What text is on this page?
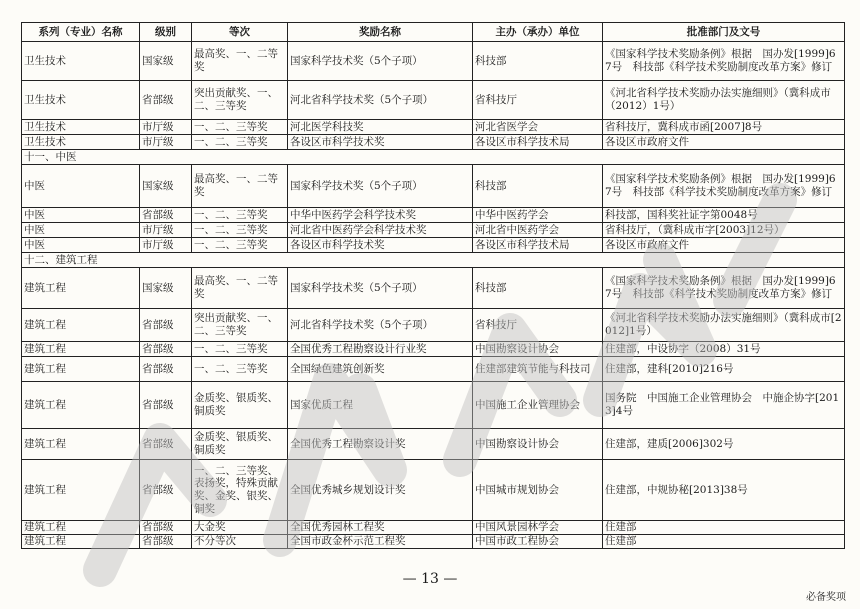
系列（专业）名称	级别	等次	奖励名称	主办（承办）单位	批准部门及文号
卫生技术	国家级	最高奖、一、二等奖	国家科学技术奖（5个子项）	科技部	《国家科学技术奖励条例》根据　国办发[1999]67号　科技部《科学技术奖励制度改革方案》修订
卫生技术	省部级	突出贡献奖、一、二、三等奖	河北省科学技术奖（5个子项）	省科技厅	《河北省科学技术奖励办法实施细则》（冀科成市（2012）1号）
卫生技术	市厅级	一、二、三等奖	河北医学科技奖	河北省医学会	省科技厅，冀科成市函[2007]8号
卫生技术	市厅级	一、二、三等奖	各设区市科学技术奖	各设区市科学技术局	各设区市政府文件
十一、中医					
中医	国家级	最高奖、一、二等奖	国家科学技术奖（5个子项）	科技部	《国家科学技术奖励条例》根据　国办发[1999]67号　科技部《科学技术奖励制度改革方案》修订
中医	省部级	一、二、三等奖	中华中医药学会科学技术奖	中华中医药学会	科技部，国科奖社证字第0048号
中医	市厅级	一、二、三等奖	河北省中医药学会科学技术奖	河北省中医药学会	省科技厅，（冀科成市字[2003]12号）
中医	市厅级	一、二、三等奖	各设区市科学技术奖	各设区市科学技术局	各设区市政府文件
十二、建筑工程					
建筑工程	国家级	最高奖、一、二等奖	国家科学技术奖（5个子项）	科技部	《国家科学技术奖励条例》根据　国办发[1999]67号　科技部《科学技术奖励制度改革方案》修订
建筑工程	省部级	突出贡献奖、一、二、三等奖	河北省科学技术奖（5个子项）	省科技厅	《河北省科学技术奖励办法实施细则》（冀科成市[2012]1号）
建筑工程	省部级	一、二、三等奖	全国优秀工程勘察设计行业奖	中国勘察设计协会	住建部，中设协字（2008）31号
建筑工程	省部级	一、二、三等奖	全国绿色建筑创新奖	住建部建筑节能与科技司	住建部，建科[2010]216号
建筑工程	省部级	金质奖、银质奖、铜质奖	国家优质工程	中国施工企业管理协会	国务院　中国施工企业管理协会　中施企协字[2013]4号
建筑工程	省部级	金质奖、银质奖、铜质奖	全国优秀工程勘察设计奖	中国勘察设计协会	住建部，建质[2006]302号
建筑工程	省部级	一、二、三等奖、表扬奖，特殊贡献奖、金奖、银奖、铜奖	全国优秀城乡规划设计奖	中国城市规划协会	住建部，中规协秘[2013]38号
建筑工程	省部级	大金奖	全国优秀园林工程奖	中国风景园林学会	住建部
建筑工程	省部级	不分等次	全国市政金杯示范工程奖	中国市政工程协会	住建部
— 13 —
必备奖项
